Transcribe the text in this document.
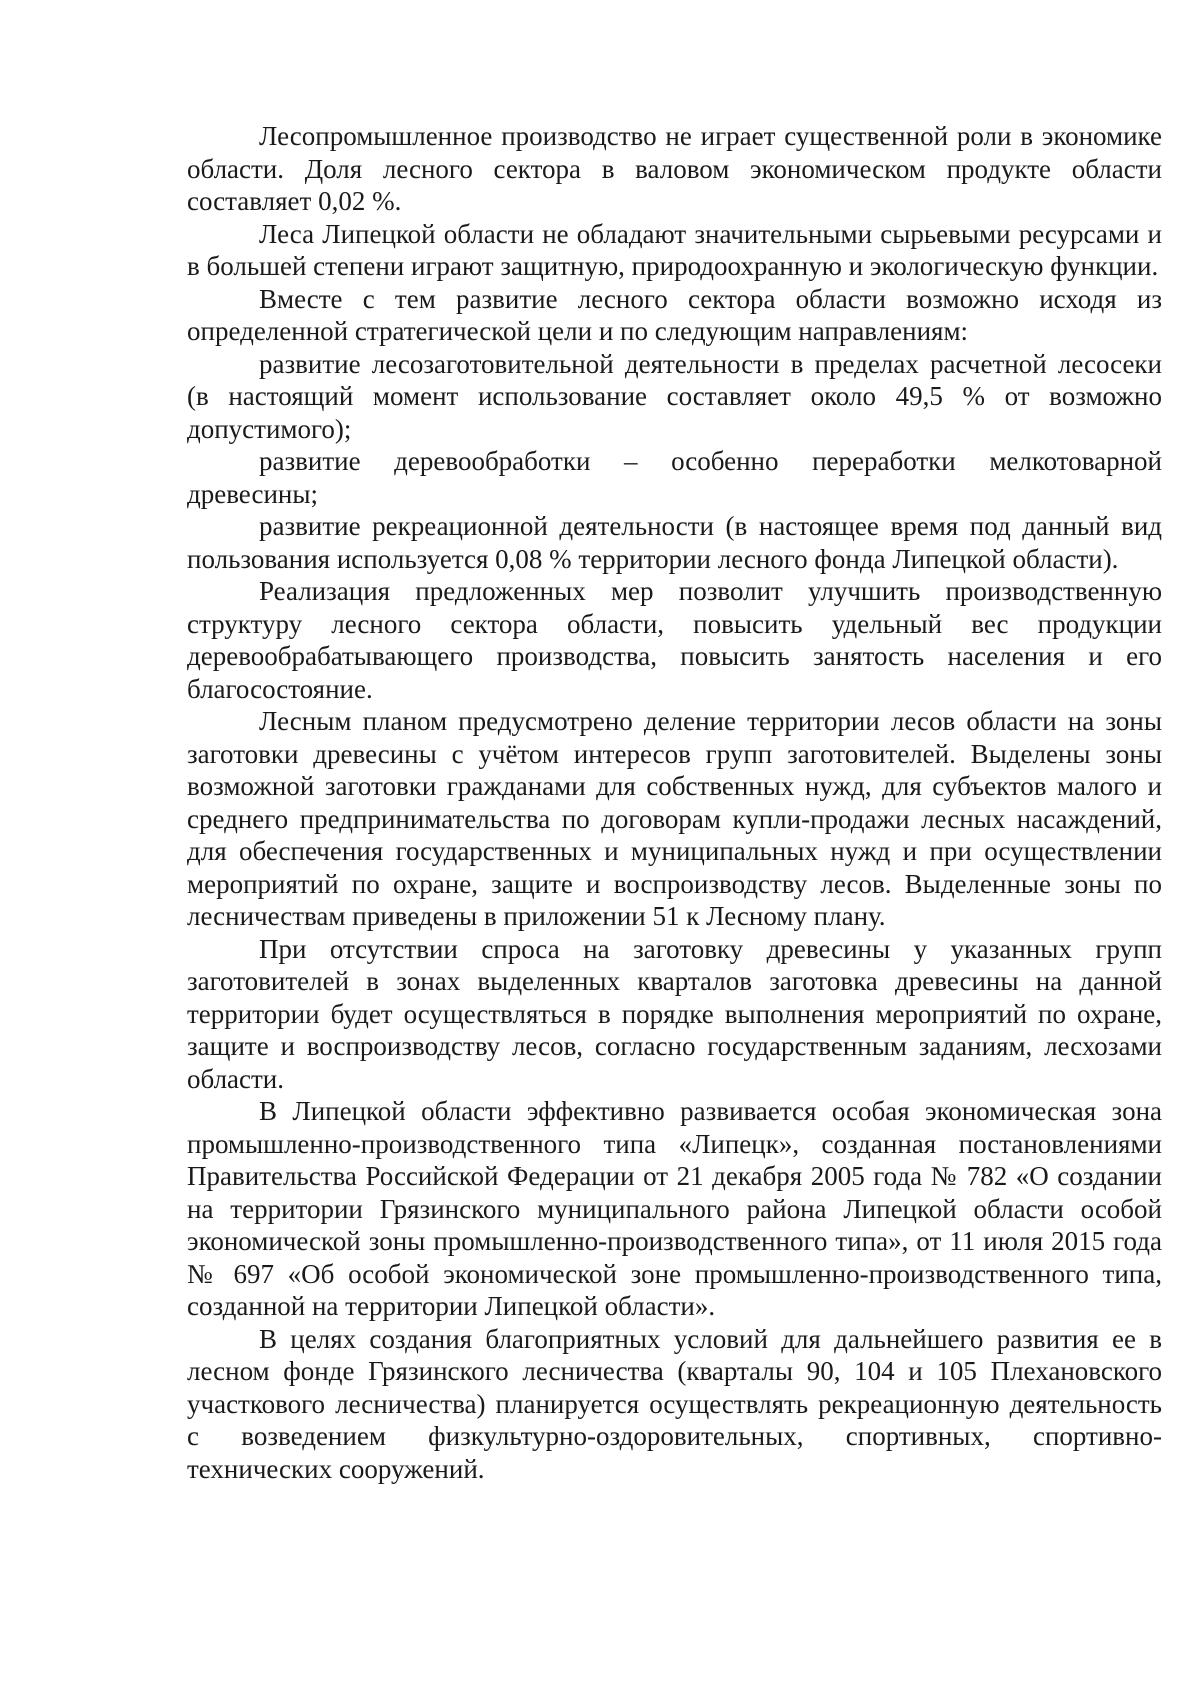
Лесопромышленное производство не играет существенной роли в экономике области. Доля лесного сектора в валовом экономическом продукте области составляет 0,02 %.

Леса Липецкой области не обладают значительными сырьевыми ресурсами и в большей степени играют защитную, природоохранную и экологическую функции.

Вместе с тем развитие лесного сектора области возможно исходя из определенной стратегической цели и по следующим направлениям:

развитие лесозаготовительной деятельности в пределах расчетной лесосеки (в настоящий момент использование составляет около 49,5 % от возможно допустимого);

развитие деревообработки – особенно переработки мелкотоварной древесины;

развитие рекреационной деятельности (в настоящее время под данный вид пользования используется 0,08 % территории лесного фонда Липецкой области).

Реализация предложенных мер позволит улучшить производственную структуру лесного сектора области, повысить удельный вес продукции деревообрабатывающего производства, повысить занятость населения и его благосостояние.

Лесным планом предусмотрено деление территории лесов области на зоны заготовки древесины с учётом интересов групп заготовителей. Выделены зоны возможной заготовки гражданами для собственных нужд, для субъектов малого и среднего предпринимательства по договорам купли-продажи лесных насаждений, для обеспечения государственных и муниципальных нужд и при осуществлении мероприятий по охране, защите и воспроизводству лесов. Выделенные зоны по лесничествам приведены в приложении 51 к Лесному плану.

При отсутствии спроса на заготовку древесины у указанных групп заготовителей в зонах выделенных кварталов заготовка древесины на данной территории будет осуществляться в порядке выполнения мероприятий по охране, защите и воспроизводству лесов, согласно государственным заданиям, лесхозами области.

В Липецкой области эффективно развивается особая экономическая зона промышленно-производственного типа «Липецк», созданная постановлениями Правительства Российской Федерации от 21 декабря 2005 года № 782 «О создании на территории Грязинского муниципального района Липецкой области особой экономической зоны промышленно-производственного типа», от 11 июля 2015 года № 697 «Об особой экономической зоне промышленно-производственного типа, созданной на территории Липецкой области».

В целях создания благоприятных условий для дальнейшего развития ее в лесном фонде Грязинского лесничества (кварталы 90, 104 и 105 Плехановского участкового лесничества) планируется осуществлять рекреационную деятельность с возведением физкультурно-оздоровительных, спортивных, спортивно-технических сооружений.
